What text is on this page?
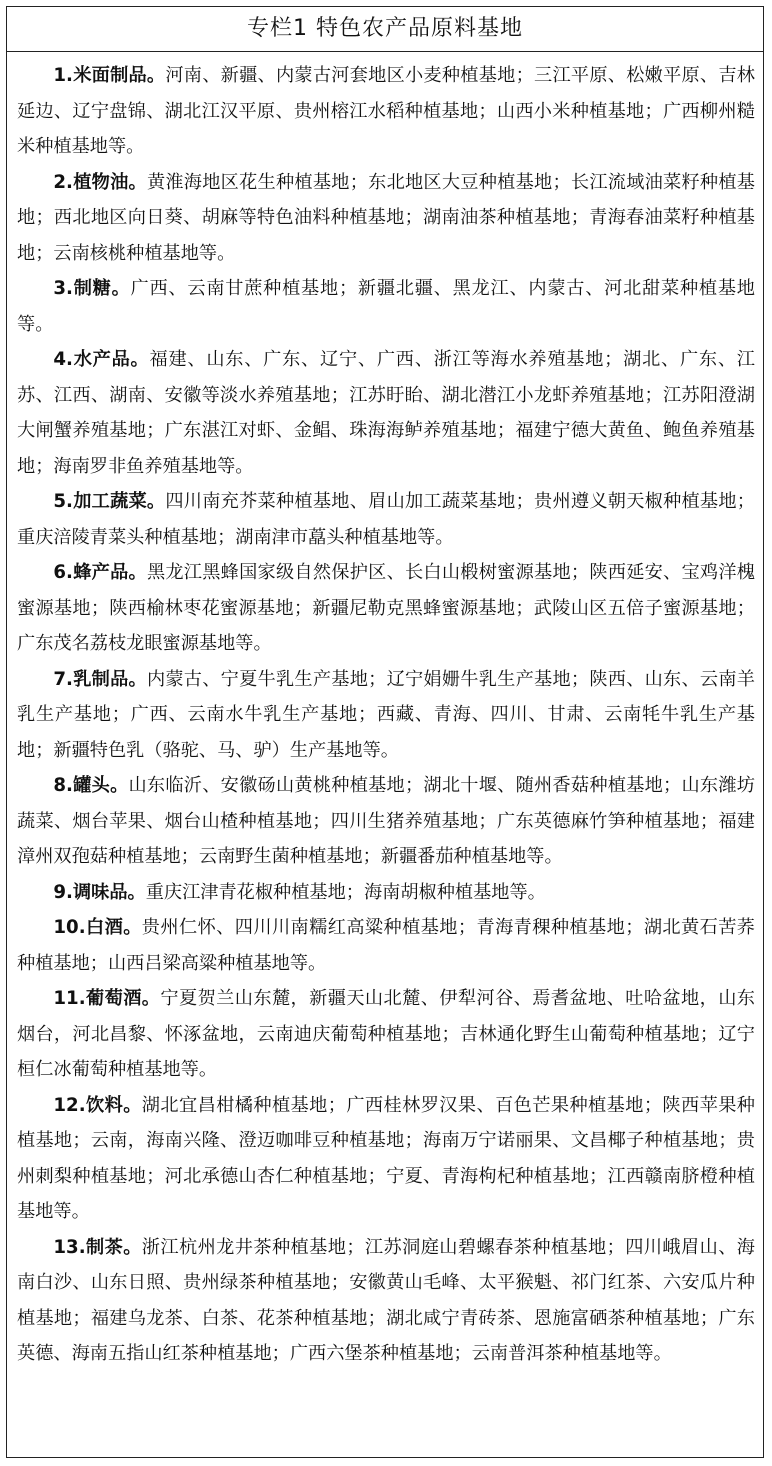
专栏1 特色农产品原料基地

1.米面制品。河南、新疆、内蒙古河套地区小麦种植基地；三江平原、松嫩平原、吉林延边、辽宁盘锦、湖北江汉平原、贵州榕江水稻种植基地；山西小米种植基地；广西柳州糙米种植基地等。

2.植物油。黄淮海地区花生种植基地；东北地区大豆种植基地；长江流域油菜籽种植基地；西北地区向日葵、胡麻等特色油料种植基地；湖南油茶种植基地；青海春油菜籽种植基地；云南核桃种植基地等。

3.制糖。广西、云南甘蔗种植基地；新疆北疆、黑龙江、内蒙古、河北甜菜种植基地等。

4.水产品。福建、山东、广东、辽宁、广西、浙江等海水养殖基地；湖北、广东、江苏、江西、湖南、安徽等淡水养殖基地；江苏盱眙、湖北潜江小龙虾养殖基地；江苏阳澄湖大闸蟹养殖基地；广东湛江对虾、金鲳、珠海海鲈养殖基地；福建宁德大黄鱼、鲍鱼养殖基地；海南罗非鱼养殖基地等。

5.加工蔬菜。四川南充芥菜种植基地、眉山加工蔬菜基地；贵州遵义朝天椒种植基地；重庆涪陵青菜头种植基地；湖南津市藠头种植基地等。

6.蜂产品。黑龙江黑蜂国家级自然保护区、长白山椴树蜜源基地；陕西延安、宝鸡洋槐蜜源基地；陕西榆林枣花蜜源基地；新疆尼勒克黑蜂蜜源基地；武陵山区五倍子蜜源基地；广东茂名荔枝龙眼蜜源基地等。

7.乳制品。内蒙古、宁夏牛乳生产基地；辽宁娟姗牛乳生产基地；陕西、山东、云南羊乳生产基地；广西、云南水牛乳生产基地；西藏、青海、四川、甘肃、云南牦牛乳生产基地；新疆特色乳（骆驼、马、驴）生产基地等。

8.罐头。山东临沂、安徽砀山黄桃种植基地；湖北十堰、随州香菇种植基地；山东潍坊蔬菜、烟台苹果、烟台山楂种植基地；四川生猪养殖基地；广东英德麻竹笋种植基地；福建漳州双孢菇种植基地；云南野生菌种植基地；新疆番茄种植基地等。

9.调味品。重庆江津青花椒种植基地；海南胡椒种植基地等。

10.白酒。贵州仁怀、四川川南糯红高粱种植基地；青海青稞种植基地；湖北黄石苦荞种植基地；山西吕梁高粱种植基地等。

11.葡萄酒。宁夏贺兰山东麓，新疆天山北麓、伊犁河谷、焉耆盆地、吐哈盆地，山东烟台，河北昌黎、怀涿盆地，云南迪庆葡萄种植基地；吉林通化野生山葡萄种植基地；辽宁桓仁冰葡萄种植基地等。

12.饮料。湖北宜昌柑橘种植基地；广西桂林罗汉果、百色芒果种植基地；陕西苹果种植基地；云南，海南兴隆、澄迈咖啡豆种植基地；海南万宁诺丽果、文昌椰子种植基地；贵州刺梨种植基地；河北承德山杏仁种植基地；宁夏、青海枸杞种植基地；江西赣南脐橙种植基地等。

13.制茶。浙江杭州龙井茶种植基地；江苏洞庭山碧螺春茶种植基地；四川峨眉山、海南白沙、山东日照、贵州绿茶种植基地；安徽黄山毛峰、太平猴魁、祁门红茶、六安瓜片种植基地；福建乌龙茶、白茶、花茶种植基地；湖北咸宁青砖茶、恩施富硒茶种植基地；广东英德、海南五指山红茶种植基地；广西六堡茶种植基地；云南普洱茶种植基地等。
